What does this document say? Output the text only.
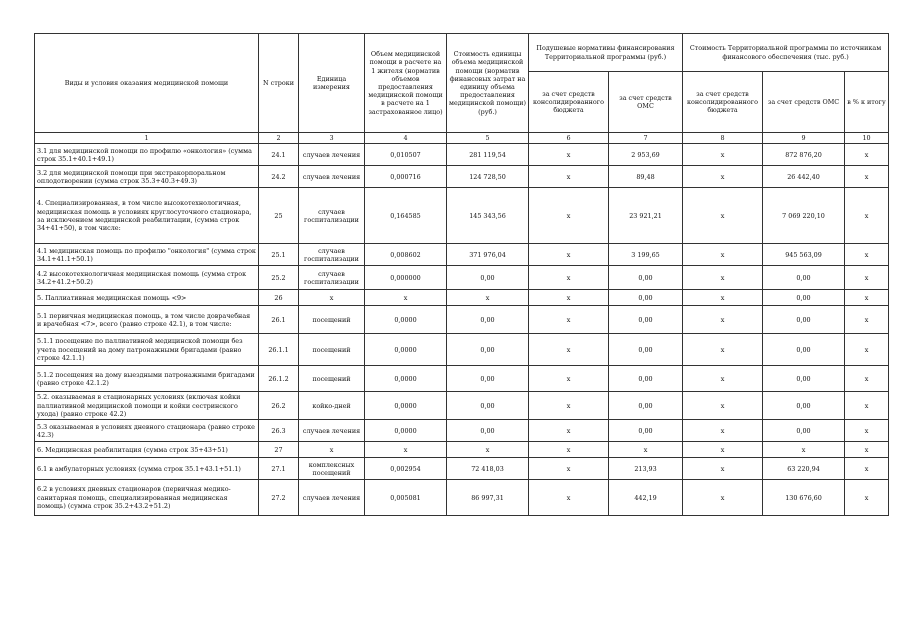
Виды и условия оказания медицинской помощи	N строки	Единица измерения	Объем медицинской помощи в расчете на 1 жителя (норматив объемов предоставления медицинской помощи в расчете на 1 застрахованное лицо)	Стоимость единицы объема медицинской помощи (норматив финансовых затрат на единицу объема предоставления медицинской помощи) (руб.)	Подушевые нормативы финансирования Территориальной программы (руб.)		Стоимость Территориальной программы по источникам финансового обеспечения (тыс. руб.)		
					за счет средств консолидированного бюджета	за счет средств ОМС	за счет средств консолидированного бюджета	за счет средств ОМС	в % к итогу
1	2	3	4	5	6	7	8	9	10
3.1 для медицинской помощи по профилю «онкология» (сумма строк 35.1+40.1+49.1)	24.1	случаев лечения	0,010507	281 119,54	х	2 953,69	х	872 876,20	х
3.2 для медицинской помощи при экстракорпоральном оплодотворении (сумма строк 35.3+40.3+49.3)	24.2	случаев лечения	0,000716	124 728,50	х	89,48	х	26 442,40	х
4. Специализированная, в том числе высокотехнологичная, медицинская помощь в условиях круглосуточного стационара, за исключением медицинской реабилитации, (сумма строк 34+41+50), в том числе:	25	случаев госпитализации	0,164585	145 343,56	х	23 921,21	х	7 069 220,10	х
4.1 медицинская помощь по профилю "онкология" (сумма строк 34.1+41.1+50.1)	25.1	случаев госпитализации	0,008602	371 976,04	х	3 199,65	х	945 563,09	х
4.2 высокотехнологичная медицинская помощь (сумма строк 34.2+41.2+50.2)	25.2	случаев госпитализации	0,000000	0,00	х	0,00	х	0,00	х
5. Паллиативная медицинская помощь <9>	26	х	х	х	х	0,00	х	0,00	х
5.1 первичная медицинская помощь, в том числе доврачебная и врачебная <7>, всего (равно строке 42.1), в том числе:	26.1	посещений	0,0000	0,00	х	0,00	х	0,00	х
5.1.1 посещение по паллиативной медицинской помощи без учета посещений на дому патронажными бригадами (равно строке 42.1.1)	26.1.1	посещений	0,0000	0,00	х	0,00	х	0,00	х
5.1.2 посещения на дому выездными патронажными бригадами (равно строке 42.1.2)	26.1.2	посещений	0,0000	0,00	х	0,00	х	0,00	х
5.2. оказываемая в стационарных условиях (включая койки паллиативной медицинской помощи и койки сестринского ухода) (равно строке 42.2)	26.2	койко-дней	0,0000	0,00	х	0,00	х	0,00	х
5.3 оказываемая в условиях дневного стационара (равно строке 42.3)	26.3	случаев лечения	0,0000	0,00	х	0,00	х	0,00	х
6. Медицинская реабилитация (сумма строк 35+43+51)	27	х	х	х	х	х	х	х	х
6.1 в амбулаторных условиях (сумма строк 35.1+43.1+51.1)	27.1	комплексных посещений	0,002954	72 418,03	х	213,93	х	63 220,94	х
6.2 в условиях дневных стационаров (первичная медико-санитарная помощь, специализированная медицинская помощь) (сумма строк 35.2+43.2+51.2)	27.2	случаев лечения	0,005081	86 997,31	х	442,19	х	130 676,60	х
